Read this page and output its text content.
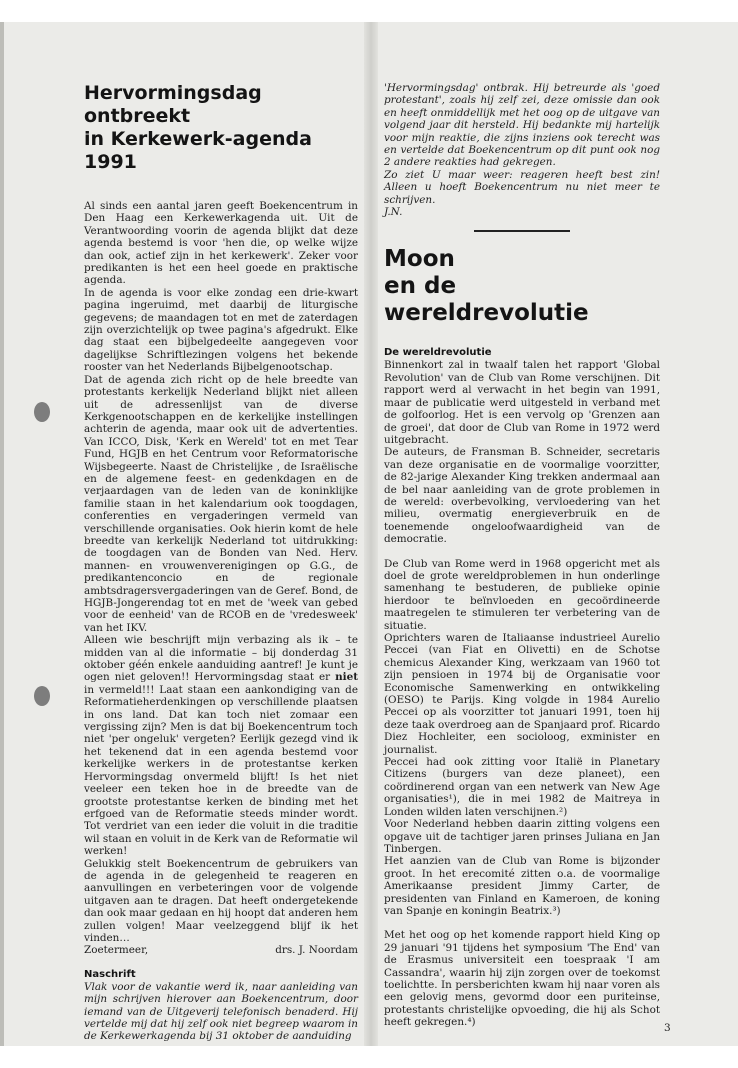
Hervormingsdag ontbreekt
in Kerkewerk-agenda 1991

Al sinds een aantal jaren geeft Boekencentrum in Den Haag een Kerkewerkagenda uit. Uit de Verantwoording voorin de agenda blijkt dat deze agenda bestemd is voor 'hen die, op welke wijze dan ook, actief zijn in het kerkewerk'. Zeker voor predikanten is het een heel goede en praktische agenda.

In de agenda is voor elke zondag een drie-kwart pagina ingeruimd, met daarbij de liturgische gegevens; de maandagen tot en met de zaterdagen zijn overzichtelijk op twee pagina's afgedrukt. Elke dag staat een bijbelgedeelte aangegeven voor dagelijkse Schriftlezingen volgens het bekende rooster van het Nederlands Bijbelgenootschap.

Dat de agenda zich richt op de hele breedte van protestants kerkelijk Nederland blijkt niet alleen uit de adressenlijst van de diverse Kerkgenootschappen en de kerkelijke instellingen achterin de agenda, maar ook uit de advertenties. Van ICCO, Disk, 'Kerk en Wereld' tot en met Tear Fund, HGJB en het Centrum voor Reformatorische Wijsbegeerte. Naast de Christelijke , de Israëlische en de algemene feest- en gedenkdagen en de verjaardagen van de leden van de koninklijke familie staan in het kalendarium ook toogdagen, conferenties en vergaderingen vermeld van verschillende organisaties. Ook hierin komt de hele breedte van kerkelijk Nederland tot uitdrukking: de toogdagen van de Bonden van Ned. Herv. mannen- en vrouwenverenigingen op G.G., de predikantenconcio en de regionale ambtsdragersvergaderingen van de Geref. Bond, de HGJB-Jongerendag tot en met de 'week van gebed voor de eenheid' van de RCOB en de 'vredesweek' van het IKV.

Alleen wie beschrijft mijn verbazing als ik – te midden van al die informatie – bij donderdag 31 oktober géén enkele aanduiding aantref! Je kunt je ogen niet geloven!! Hervormingsdag staat er niet in vermeld!!! Laat staan een aankondiging van de Reformatieherdenkingen op verschillende plaatsen in ons land. Dat kan toch niet zomaar een vergissing zijn? Men is dat bij Boekencentrum toch niet 'per ongeluk' vergeten? Eerlijk gezegd vind ik het tekenend dat in een agenda bestemd voor kerkelijke werkers in de protestantse kerken Hervormingsdag onvermeld blijft! Is het niet veeleer een teken hoe in de breedte van de grootste protestantse kerken de binding met het erfgoed van de Reformatie steeds minder wordt. Tot verdriet van een ieder die voluit in die traditie wil staan en voluit in de Kerk van de Reformatie wil werken!

Gelukkig stelt Boekencentrum de gebruikers van de agenda in de gelegenheid te reageren en aanvullingen en verbeteringen voor de volgende uitgaven aan te dragen. Dat heeft ondergetekende dan ook maar gedaan en hij hoopt dat anderen hem zullen volgen! Maar veelzeggend blijf ik het vinden…

Zoetermeer,	drs. J. Noordam
Naschrift

Vlak voor de vakantie werd ik, naar aanleiding van mijn schrijven hierover aan Boekencentrum, door iemand van de Uitgeverij telefonisch benaderd. Hij vertelde mij dat hij zelf ook niet begreep waarom in de Kerkewerkagenda bij 31 oktober de aanduiding

'Hervormingsdag' ontbrak. Hij betreurde als 'goed protestant', zoals hij zelf zei, deze omissie dan ook en heeft onmiddellijk met het oog op de uitgave van volgend jaar dit hersteld. Hij bedankte mij hartelijk voor mijn reaktie, die zijns inziens ook terecht was en vertelde dat Boekencentrum op dit punt ook nog 2 andere reakties had gekregen.

Zo ziet U maar weer: reageren heeft best zin! Alleen u hoeft Boekencentrum nu niet meer te schrijven.

J.N.

Moon
en de wereldrevolutie
De wereldrevolutie

Binnenkort zal in twaalf talen het rapport 'Global Revolution' van de Club van Rome verschijnen. Dit rapport werd al verwacht in het begin van 1991, maar de publicatie werd uitgesteld in verband met de golfoorlog. Het is een vervolg op 'Grenzen aan de groei', dat door de Club van Rome in 1972 werd uitgebracht.

De auteurs, de Fransman B. Schneider, secretaris van deze organisatie en de voormalige voorzitter, de 82-jarige Alexander King trekken andermaal aan de bel naar aanleiding van de grote problemen in de wereld: overbevolking, vervloedering van het milieu, overmatig energieverbruik en de toenemende ongeloofwaardigheid van de democratie.

De Club van Rome werd in 1968 opgericht met als doel de grote wereldproblemen in hun onderlinge samenhang te bestuderen, de publieke opinie hierdoor te beïnvloeden en gecoördineerde maatregelen te stimuleren ter verbetering van de situatie.

Oprichters waren de Italiaanse industrieel Aurelio Peccei (van Fiat en Olivetti) en de Schotse chemicus Alexander King, werkzaam van 1960 tot zijn pensioen in 1974 bij de Organisatie voor Economische Samenwerking en ontwikkeling (OESO) te Parijs. King volgde in 1984 Aurelio Peccei op als voorzitter tot januari 1991, toen hij deze taak overdroeg aan de Spanjaard prof. Ricardo Diez Hochleiter, een socioloog, exminister en journalist.

Peccei had ook zitting voor Italië in Planetary Citizens (burgers van deze planeet), een coördinerend organ van een netwerk van New Age organisaties¹), die in mei 1982 de Maitreya in Londen wilden laten verschijnen.²)

Voor Nederland hebben daarin zitting volgens een opgave uit de tachtiger jaren prinses Juliana en Jan Tinbergen.

Het aanzien van de Club van Rome is bijzonder groot. In het erecomité zitten o.a. de voormalige Amerikaanse president Jimmy Carter, de presidenten van Finland en Kameroen, de koning van Spanje en koningin Beatrix.³)

Met het oog op het komende rapport hield King op 29 januari '91 tijdens het symposium 'The End' van de Erasmus universiteit een toespraak 'I am Cassandra', waarin hij zijn zorgen over de toekomst toelichtte. In persberichten kwam hij naar voren als een gelovig mens, gevormd door een puriteinse, protestants christelijke opvoeding, die hij als Schot heeft gekregen.⁴)	3
